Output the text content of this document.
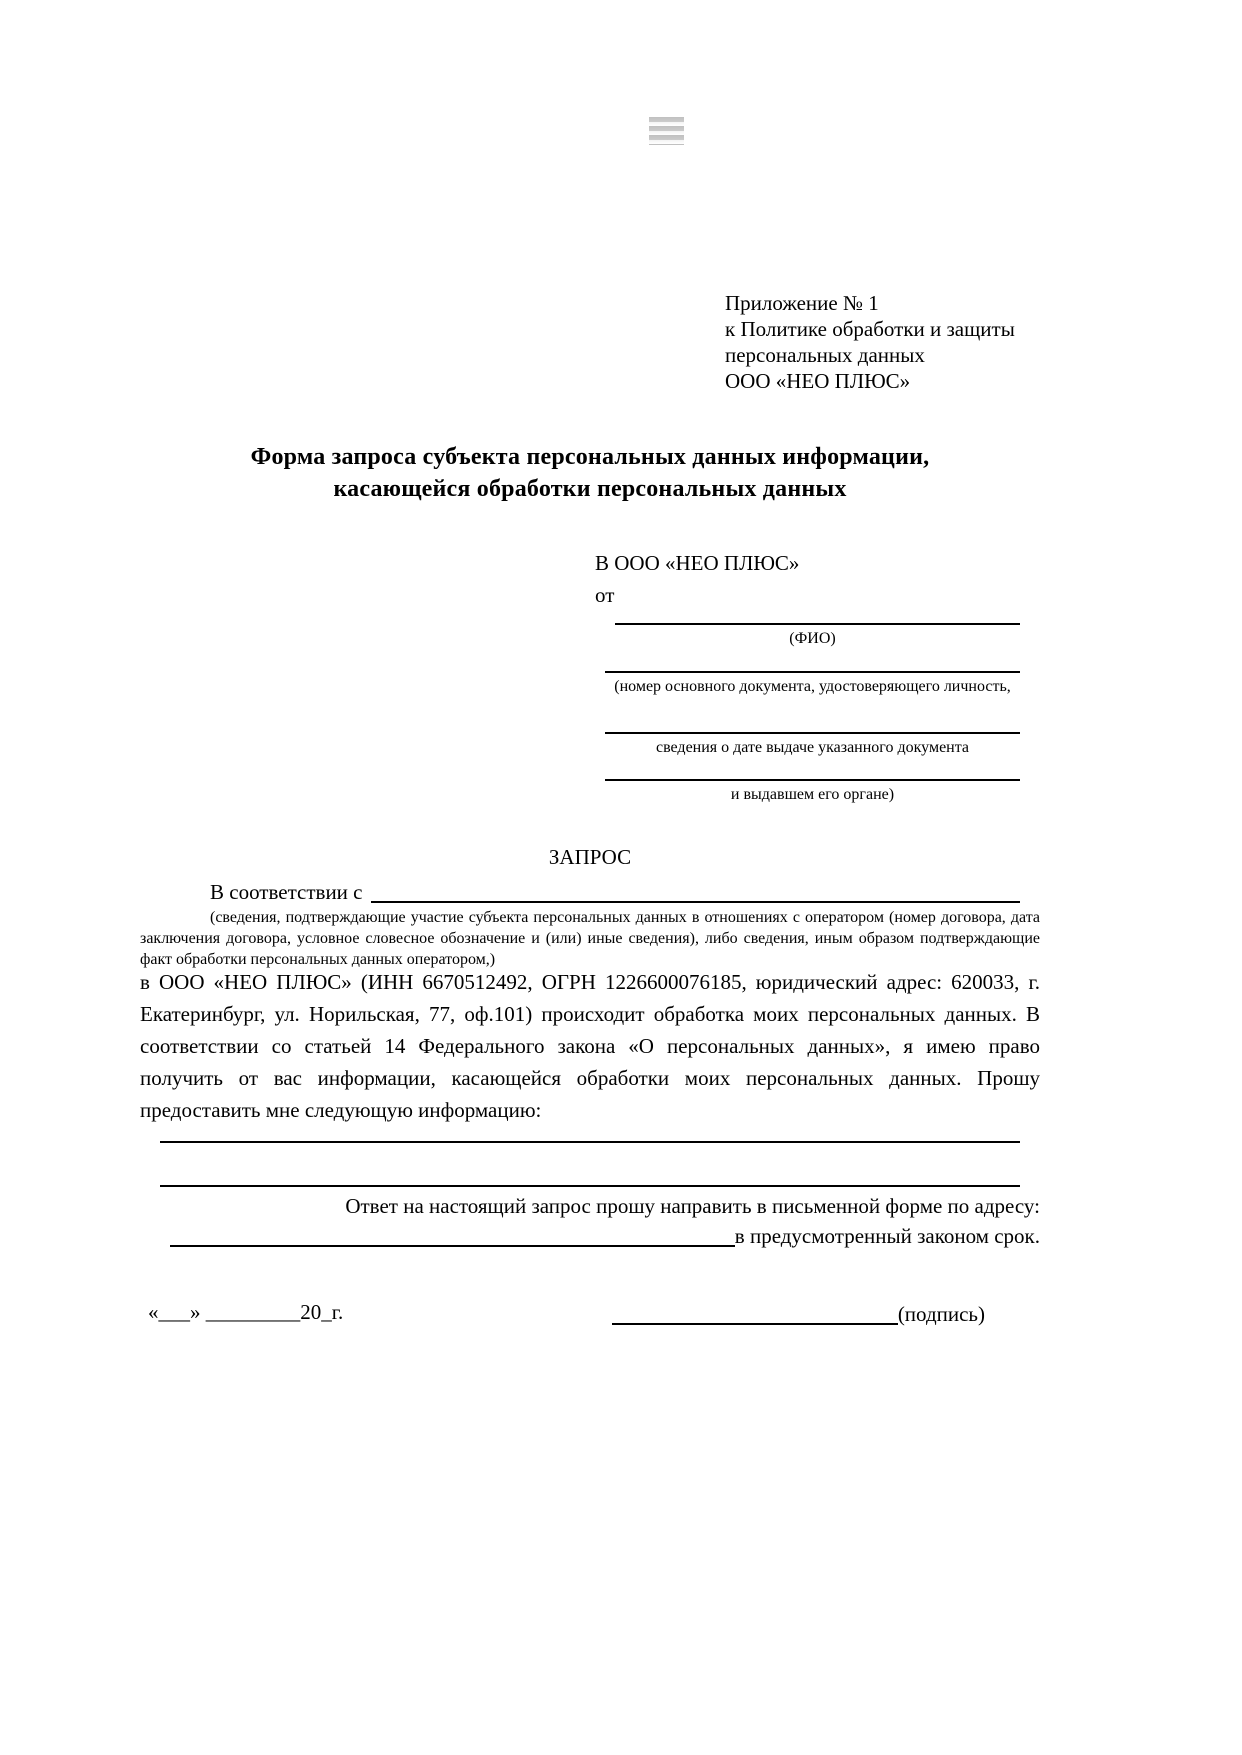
Приложение № 1
к Политике обработки и защиты
персональных данных
ООО «НЕО ПЛЮС»
Форма запроса субъекта персональных данных информации,
касающейся обработки персональных данных
В ООО «НЕО ПЛЮС»
от
(ФИО)
(номер основного документа, удостоверяющего личность,
сведения о дате выдаче указанного документа
и выдавшем его органе)
ЗАПРОС
В соответствии с
(сведения, подтверждающие участие субъекта персональных данных в отношениях с оператором (номер договора, дата заключения договора, условное словесное обозначение и (или) иные сведения), либо сведения, иным образом подтверждающие факт обработки персональных данных оператором,)
в ООО «НЕО ПЛЮС» (ИНН 6670512492, ОГРН 1226600076185, юридический адрес: 620033, г. Екатеринбург, ул. Норильская, 77, оф.101) происходит обработка моих персональных данных. В соответствии со статьей 14 Федерального закона «О персональных данных», я имею право получить от вас информации, касающейся обработки моих персональных данных. Прошу предоставить мне следующую информацию:
Ответ на настоящий запрос прошу направить в письменной форме по адресу:
в предусмотренный законом срок.
«___» _________20_г.	(подпись)
